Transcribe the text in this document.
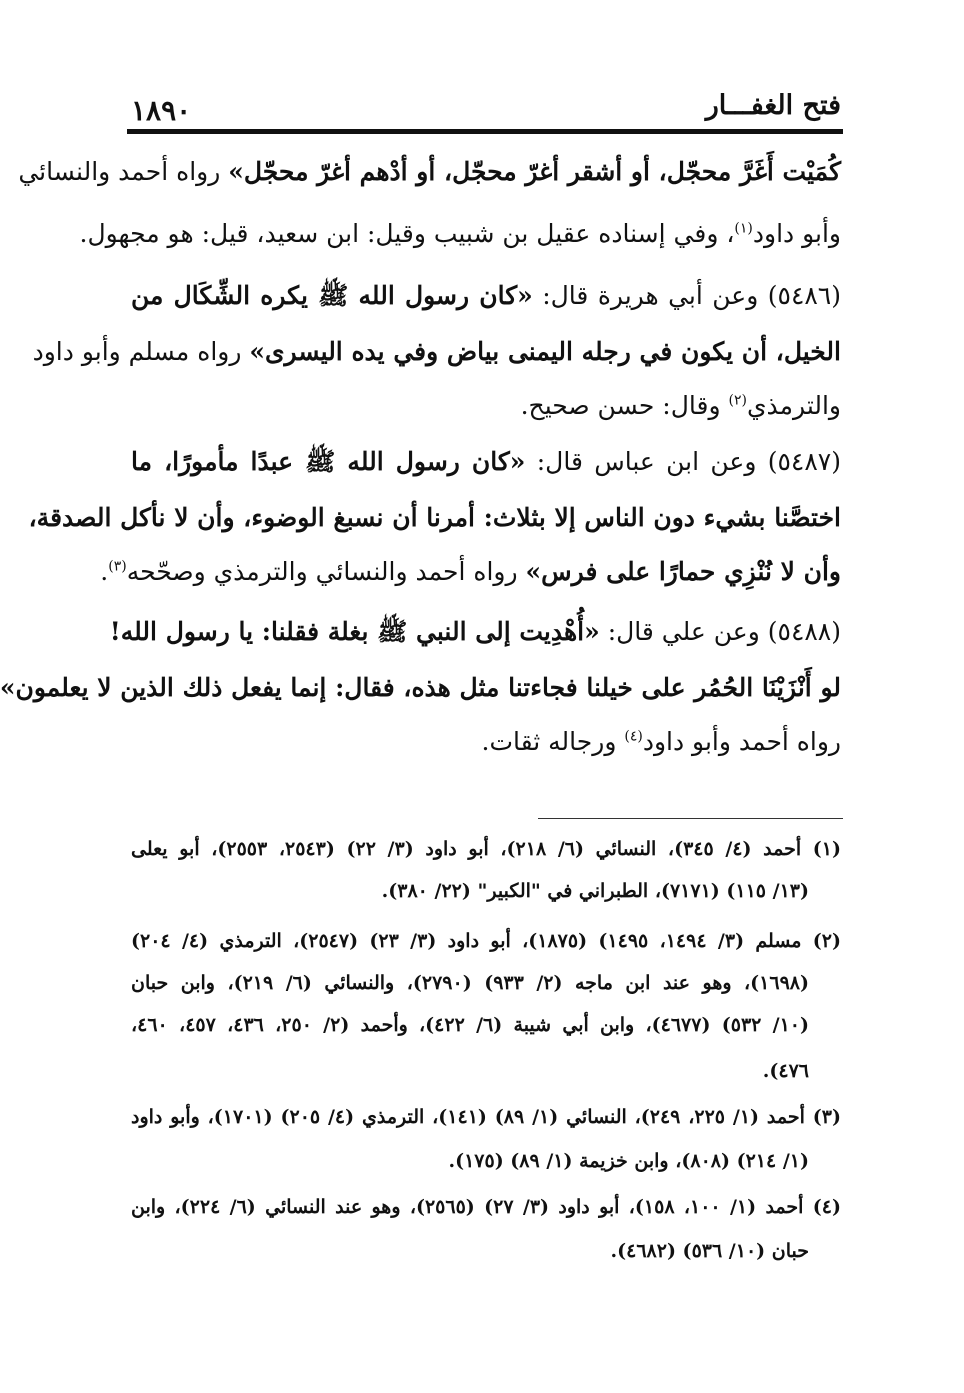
فتح الغفـــار
١٨٩٠
كُمَيْت أَغَرَّ محجّل، أو أشقر أغرّ محجّل، أو أدْهم أغرّ محجّل» رواه أحمد والنسائي
وأبو داود$^{(١)}$، وفي إسناده عقيل بن شبيب وقيل: ابن سعيد، قيل: هو مجهول.
(٥٤٨٦) وعن أبي هريرة قال: «كان رسول الله ﷺ يكره الشِّكَال من
الخيل، أن يكون في رجله اليمنى بياض وفي يده اليسرى» رواه مسلم وأبو داود
والترمذي$^{(٢)}$ وقال: حسن صحيح.
(٥٤٨٧) وعن ابن عباس قال: «كان رسول الله ﷺ عبدًا مأمورًا، ما
اختصَّنا بشيء دون الناس إلا بثلاث: أمرنا أن نسبغ الوضوء، وأن لا نأكل الصدقة،
وأن لا نُنْزِي حمارًا على فرس» رواه أحمد والنسائي والترمذي وصحّحه$^{(٣)}$.
(٥٤٨٨) وعن علي قال: «أُهْدِيت إلى النبي ﷺ بغلة فقلنا: يا رسول الله!
لو أَنْزَيْنَا الحُمُر على خيلنا فجاءتنا مثل هذه، فقال: إنما يفعل ذلك الذين لا يعلمون»
رواه أحمد وأبو داود$^{(٤)}$ ورجاله ثقات.
(١) أحمد (٤/ ٣٤٥)، النسائي (٦/ ٢١٨)، أبو داود (٣/ ٢٢) (٢٥٤٣، ٢٥٥٣)، أبو يعلى
(١٣/ ١١٥) (٧١٧١)، الطبراني في "الكبير" (٢٢/ ٣٨٠).
(٢) مسلم (٣/ ١٤٩٤، ١٤٩٥) (١٨٧٥)، أبو داود (٣/ ٢٣) (٢٥٤٧)، الترمذي (٤/ ٢٠٤)
(١٦٩٨)، وهو عند ابن ماجه (٢/ ٩٣٣) (٢٧٩٠)، والنسائي (٦/ ٢١٩)، وابن حبان
(١٠/ ٥٣٢) (٤٦٧٧)، وابن أبي شيبة (٦/ ٤٢٢)، وأحمد (٢/ ٢٥٠، ٤٣٦، ٤٥٧، ٤٦٠،
٤٧٦).
(٣) أحمد (١/ ٢٢٥، ٢٤٩)، النسائي (١/ ٨٩) (١٤١)، الترمذي (٤/ ٢٠٥) (١٧٠١)، وأبو داود
(١/ ٢١٤) (٨٠٨)، وابن خزيمة (١/ ٨٩) (١٧٥).
(٤) أحمد (١/ ١٠٠، ١٥٨)، أبو داود (٣/ ٢٧) (٢٥٦٥)، وهو عند النسائي (٦/ ٢٢٤)، وابن
حبان (١٠/ ٥٣٦) (٤٦٨٢).
